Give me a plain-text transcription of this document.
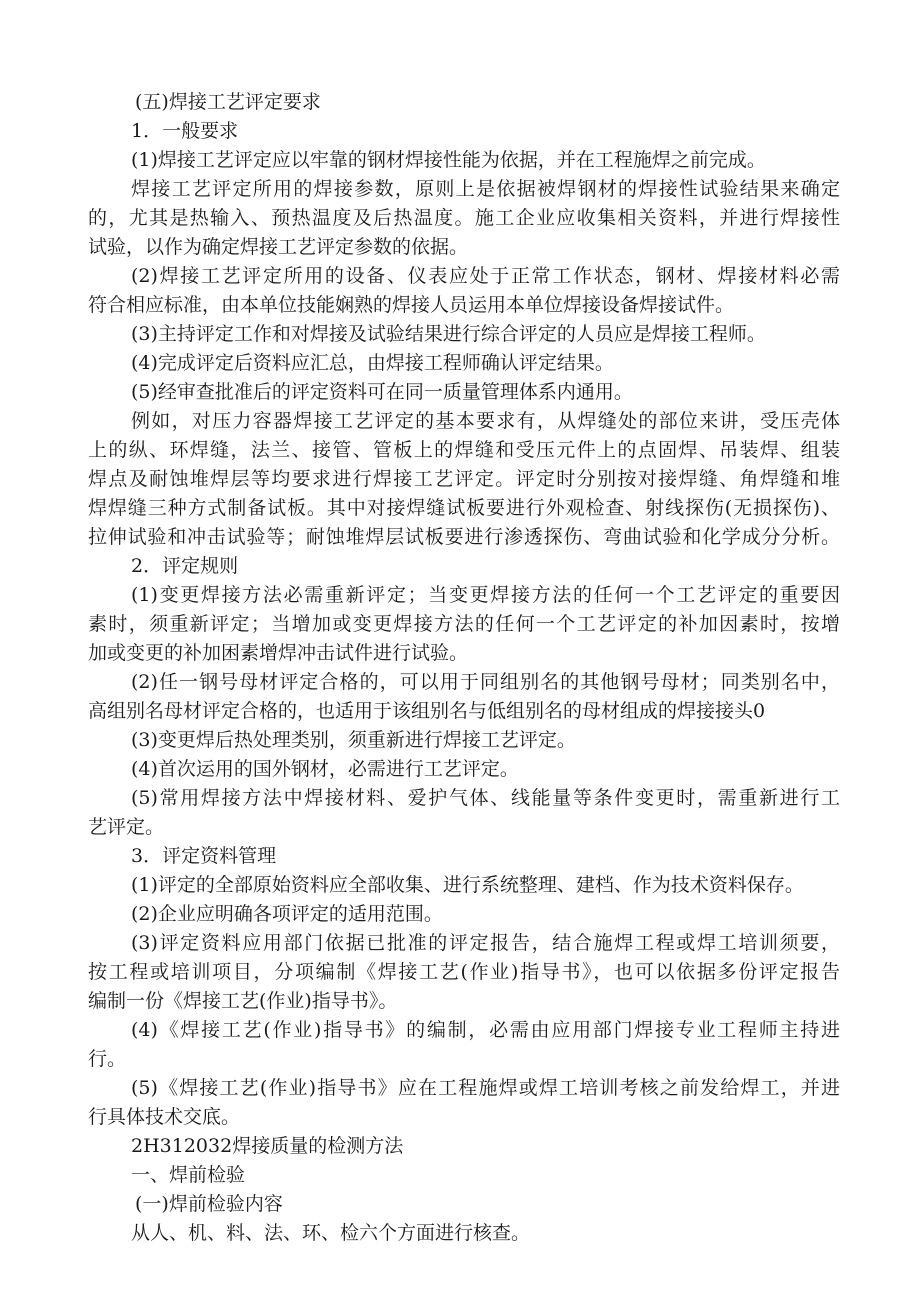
(五)焊接工艺评定要求
1．一般要求
(1)焊接工艺评定应以牢靠的钢材焊接性能为依据，并在工程施焊之前完成。
焊接工艺评定所用的焊接参数，原则上是依据被焊钢材的焊接性试验结果来确定
的，尤其是热输入、预热温度及后热温度。施工企业应收集相关资料，并进行焊接性
试验，以作为确定焊接工艺评定参数的依据。
(2)焊接工艺评定所用的设备、仪表应处于正常工作状态，钢材、焊接材料必需
符合相应标准，由本单位技能娴熟的焊接人员运用本单位焊接设备焊接试件。
(3)主持评定工作和对焊接及试验结果进行综合评定的人员应是焊接工程师。
(4)完成评定后资料应汇总，由焊接工程师确认评定结果。
(5)经审查批准后的评定资料可在同一质量管理体系内通用。
例如，对压力容器焊接工艺评定的基本要求有，从焊缝处的部位来讲，受压壳体
上的纵、环焊缝，法兰、接管、管板上的焊缝和受压元件上的点固焊、吊装焊、组装
焊点及耐蚀堆焊层等均要求进行焊接工艺评定。评定时分别按对接焊缝、角焊缝和堆
焊焊缝三种方式制备试板。其中对接焊缝试板要进行外观检查、射线探伤(无损探伤)、
拉伸试验和冲击试验等；耐蚀堆焊层试板要进行渗透探伤、弯曲试验和化学成分分析。
2．评定规则
(1)变更焊接方法必需重新评定；当变更焊接方法的任何一个工艺评定的重要因
素时，须重新评定；当增加或变更焊接方法的任何一个工艺评定的补加因素时，按增
加或变更的补加困素增焊冲击试件进行试验。
(2)任一钢号母材评定合格的，可以用于同组别名的其他钢号母材；同类别名中，
高组别名母材评定合格的，也适用于该组别名与低组别名的母材组成的焊接接头0
(3)变更焊后热处理类别，须重新进行焊接工艺评定。
(4)首次运用的国外钢材，必需进行工艺评定。
(5)常用焊接方法中焊接材料、爱护气体、线能量等条件变更时，需重新进行工
艺评定。
3．评定资料管理
(1)评定的全部原始资料应全部收集、进行系统整理、建档、作为技术资料保存。
(2)企业应明确各项评定的适用范围。
(3)评定资料应用部门依据已批准的评定报告，结合施焊工程或焊工培训须要，
按工程或培训项目，分项编制《焊接工艺(作业)指导书》，也可以依据多份评定报告
编制一份《焊接工艺(作业)指导书》。
(4)《焊接工艺(作业)指导书》的编制，必需由应用部门焊接专业工程师主持进
行。
(5)《焊接工艺(作业)指导书》应在工程施焊或焊工培训考核之前发给焊工，并进
行具体技术交底。
2H312032焊接质量的检测方法
一、焊前检验
(一)焊前检验内容
从人、机、料、法、环、检六个方面进行核查。
